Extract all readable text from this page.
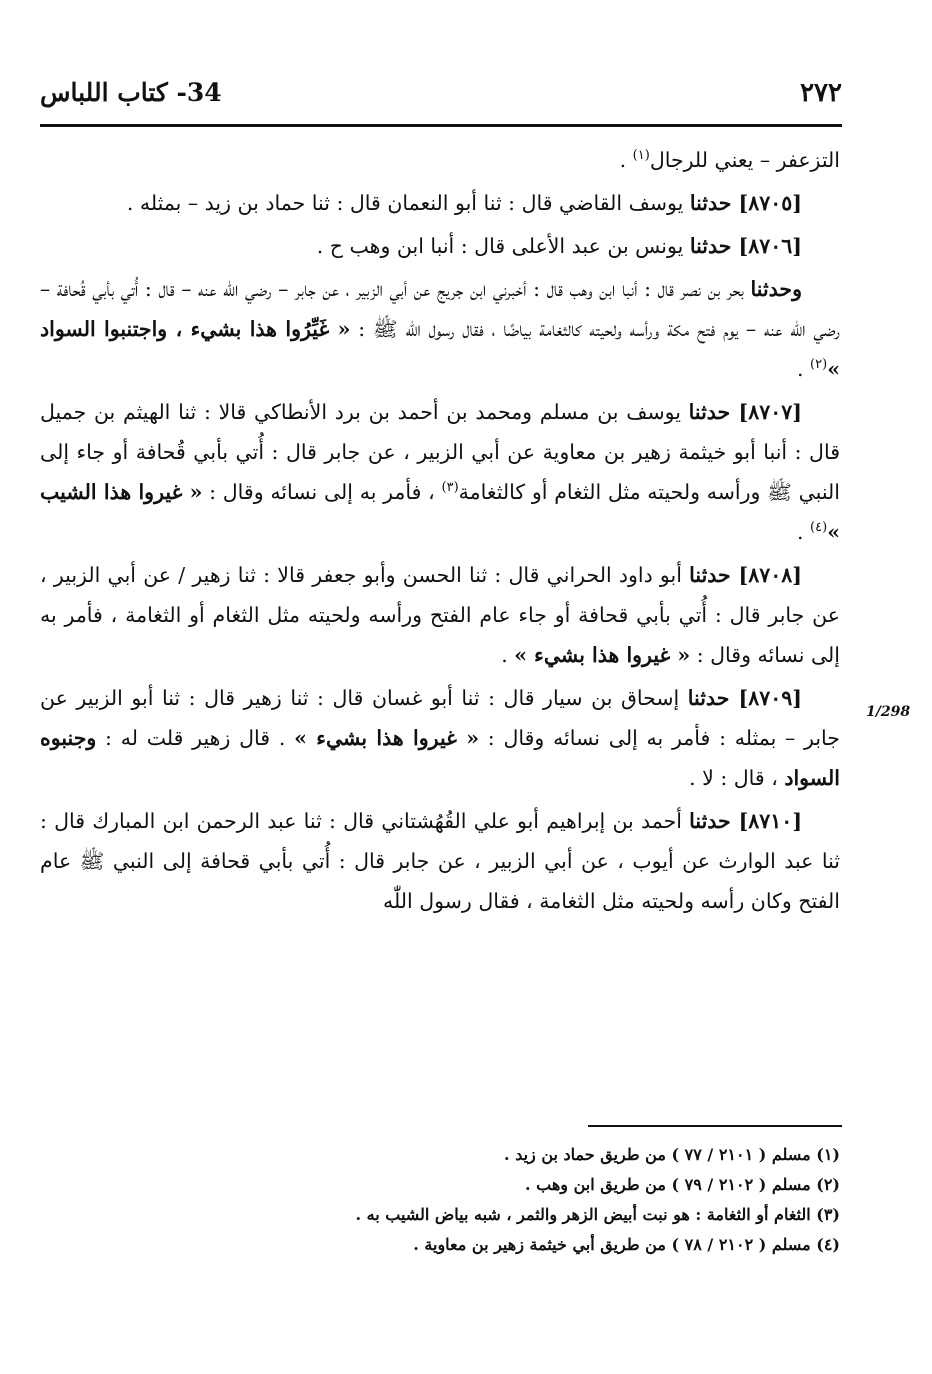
٢٧٢
34- كتاب اللباس
1/298

التزعفر – يعني للرجال$^{(١)}$ .

[٨٧٠٥] حدثنا يوسف القاضي قال : ثنا أبو النعمان قال : ثنا حماد بن زيد – بمثله .

[٨٧٠٦] حدثنا يونس بن عبد الأعلى قال : أنبا ابن وهب ح .

وحدثنا بحر بن نصر قال : أنبا ابن وهب قال : أخبرني ابن جريج عن أبي الزبير ، عن جابر – رضي اللّٰه عنه – قال : أُتي بأبي قُحافة – رضي اللّٰه عنه – يوم فتح مكة ورأسه ولحيته كالثغامة بياضًا ، فقال رسول اللّٰه ﷺ : « غَيِّرُوا هذا بشيء ، واجتنبوا السواد »$^{(٢)}$ .

[٨٧٠٧] حدثنا يوسف بن مسلم ومحمد بن أحمد بن برد الأنطاكي قالا : ثنا الهيثم بن جميل قال : أنبا أبو خيثمة زهير بن معاوية عن أبي الزبير ، عن جابر قال : أُتي بأبي قُحافة أو جاء إلى النبي ﷺ ورأسه ولحيته مثل الثغام أو كالثغامة$^{(٣)}$ ، فأمر به إلى نسائه وقال : « غيروا هذا الشيب »$^{(٤)}$ .

[٨٧٠٨] حدثنا أبو داود الحراني قال : ثنا الحسن وأبو جعفر قالا : ثنا زهير / عن أبي الزبير ، عن جابر قال : أُتي بأبي قحافة أو جاء عام الفتح ورأسه ولحيته مثل الثغام أو الثغامة ، فأمر به إلى نسائه وقال : « غيروا هذا بشيء » .

[٨٧٠٩] حدثنا إسحاق بن سيار قال : ثنا أبو غسان قال : ثنا زهير قال : ثنا أبو الزبير عن جابر – بمثله : فأمر به إلى نسائه وقال : « غيروا هذا بشيء » . قال زهير قلت له : وجنبوه السواد ، قال : لا .

[٨٧١٠] حدثنا أحمد بن إبراهيم أبو علي القُهُشتاني قال : ثنا عبد الرحمن ابن المبارك قال : ثنا عبد الوارث عن أيوب ، عن أبي الزبير ، عن جابر قال : أُتي بأبي قحافة إلى النبي ﷺ عام الفتح وكان رأسه ولحيته مثل الثغامة ، فقال رسول اللّٰه

(١) مسلم ( ٢١٠١ / ٧٧ ) من طريق حماد بن زيد .

(٢) مسلم ( ٢١٠٢ / ٧٩ ) من طريق ابن وهب .

(٣) الثغام أو الثغامة : هو نبت أبيض الزهر والثمر ، شبه بياض الشيب به .

(٤) مسلم ( ٢١٠٢ / ٧٨ ) من طريق أبي خيثمة زهير بن معاوية .
